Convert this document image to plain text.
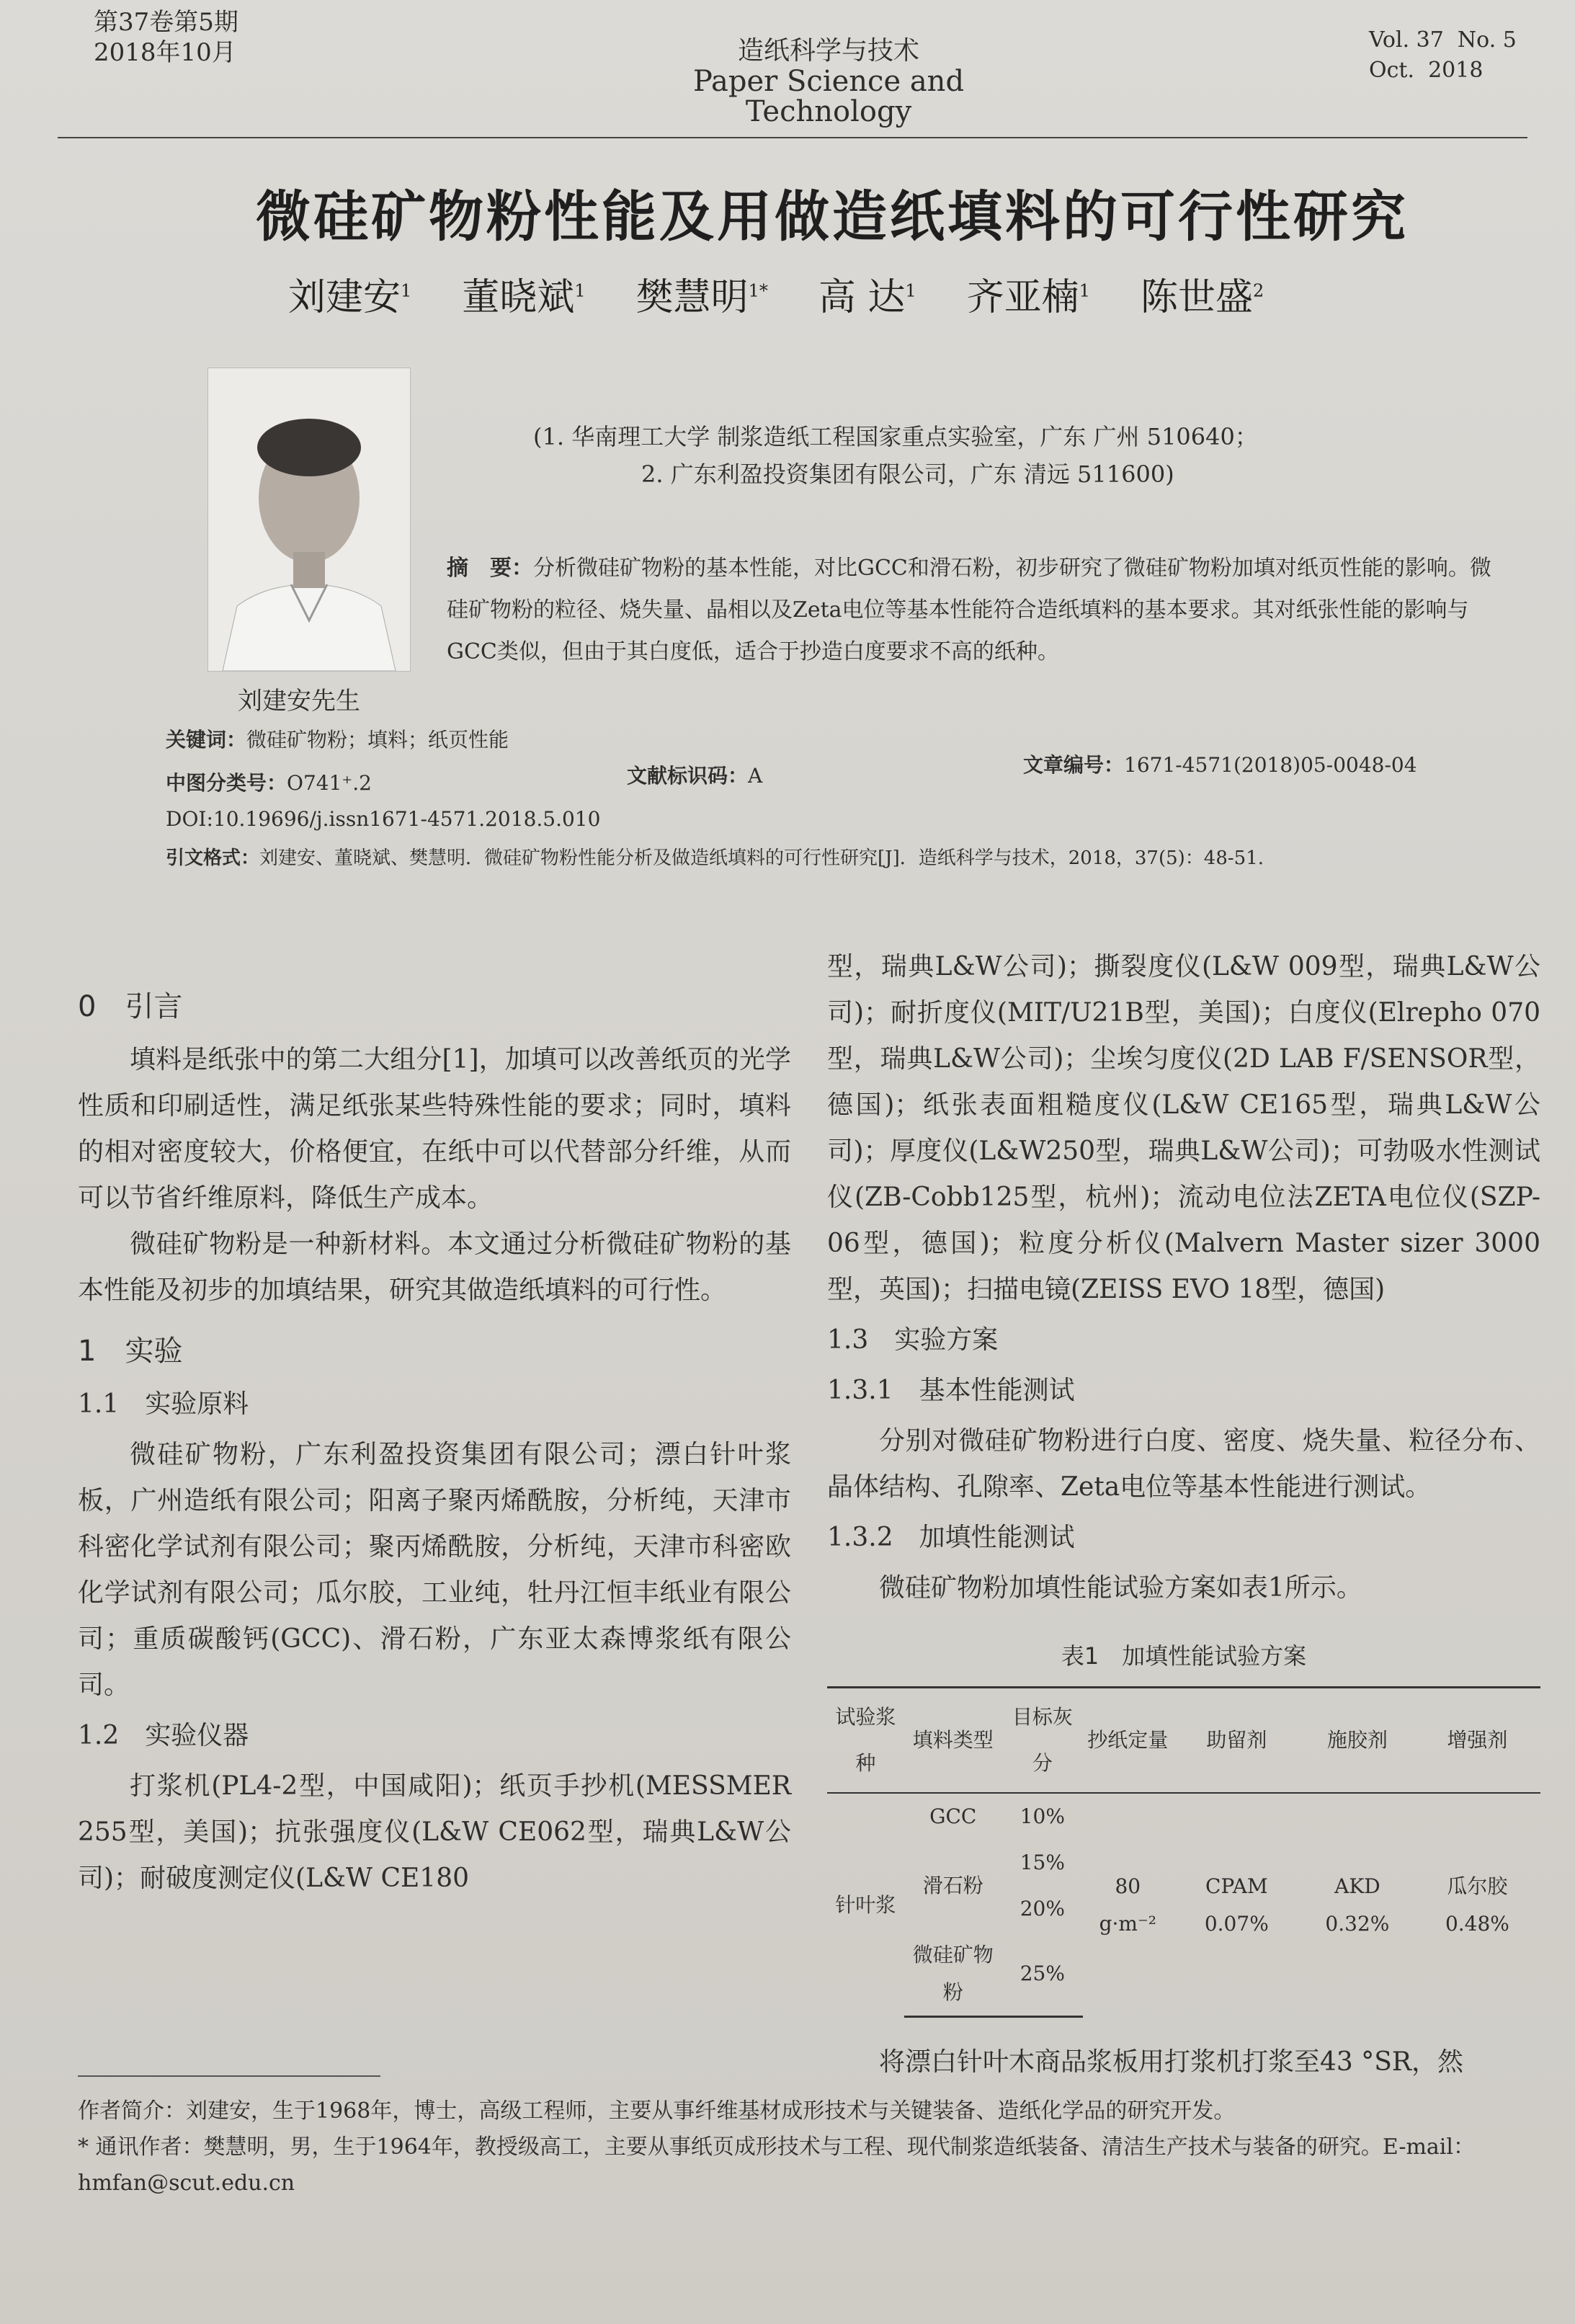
第37卷第5期
2018年10月	造纸科学与技术
Paper Science and Technology
Vol. 37 No. 5
Oct. 2018
微硅矿物粉性能及用做造纸填料的可行性研究
刘建安$^1$ 董晓斌$^1$ 樊慧明$^{1*}$ 高 达$^1$ 齐亚楠$^1$ 陈世盛$^2$
刘建安先生
(1. 华南理工大学 制浆造纸工程国家重点实验室，广东 广州 510640；
2. 广东利盈投资集团有限公司，广东 清远 511600)
摘　要：分析微硅矿物粉的基本性能，对比GCC和滑石粉，初步研究了微硅矿物粉加填对纸页性能的影响。微硅矿物粉的粒径、烧失量、晶相以及Zeta电位等基本性能符合造纸填料的基本要求。其对纸张性能的影响与GCC类似，但由于其白度低，适合于抄造白度要求不高的纸种。
关键词：微硅矿物粉；填料；纸页性能
中图分类号：O741⁺.2	文献标识码：A	文章编号：1671-4571(2018)05-0048-04
DOI:10.19696/j.issn1671-4571.2018.5.010
引文格式：刘建安、董晓斌、樊慧明．微硅矿物粉性能分析及做造纸填料的可行性研究[J]．造纸科学与技术，2018，37(5)：48-51.
0　引言

填料是纸张中的第二大组分[1]，加填可以改善纸页的光学性质和印刷适性，满足纸张某些特殊性能的要求；同时，填料的相对密度较大，价格便宜，在纸中可以代替部分纤维，从而可以节省纤维原料，降低生产成本。

微硅矿物粉是一种新材料。本文通过分析微硅矿物粉的基本性能及初步的加填结果，研究其做造纸填料的可行性。

1　实验
1.1　实验原料

微硅矿物粉，广东利盈投资集团有限公司；漂白针叶浆板，广州造纸有限公司；阳离子聚丙烯酰胺，分析纯，天津市科密化学试剂有限公司；聚丙烯酰胺，分析纯，天津市科密欧化学试剂有限公司；瓜尔胶，工业纯，牡丹江恒丰纸业有限公司；重质碳酸钙(GCC)、滑石粉，广东亚太森博浆纸有限公司。

1.2　实验仪器

打浆机(PL4-2型，中国咸阳)；纸页手抄机(MESSMER 255型，美国)；抗张强度仪(L&W CE062型，瑞典L&W公司)；耐破度测定仪(L&W CE180

型，瑞典L&W公司)；撕裂度仪(L&W 009型，瑞典L&W公司)；耐折度仪(MIT/U21B型，美国)；白度仪(Elrepho 070型，瑞典L&W公司)；尘埃匀度仪(2D LAB F/SENSOR型，德国)；纸张表面粗糙度仪(L&W CE165型，瑞典L&W公司)；厚度仪(L&W250型，瑞典L&W公司)；可勃吸水性测试仪(ZB-Cobb125型，杭州)；流动电位法ZETA电位仪(SZP-06型，德国)；粒度分析仪(Malvern Master sizer 3000型，英国)；扫描电镜(ZEISS EVO 18型，德国)

1.3　实验方案
1.3.1　基本性能测试

分别对微硅矿物粉进行白度、密度、烧失量、粒径分布、晶体结构、孔隙率、Zeta电位等基本性能进行测试。

1.3.2　加填性能测试

微硅矿物粉加填性能试验方案如表1所示。

表1　加填性能试验方案
试验浆种	填料类型	目标灰分	抄纸定量	助留剂	施胶剂	增强剂
针叶浆	GCC	10%	80 g·m⁻²	CPAM 0.07%	AKD 0.32%	瓜尔胶 0.48%
	滑石粉	15%				
		20%				
	微硅矿物粉	25%				

将漂白针叶木商品浆板用打浆机打浆至43 °SR，然

作者简介：刘建安，生于1968年，博士，高级工程师，主要从事纤维基材成形技术与关键装备、造纸化学品的研究开发。
* 通讯作者：樊慧明，男，生于1964年，教授级高工，主要从事纸页成形技术与工程、现代制浆造纸装备、清洁生产技术与装备的研究。E-mail：hmfan@scut.edu.cn
